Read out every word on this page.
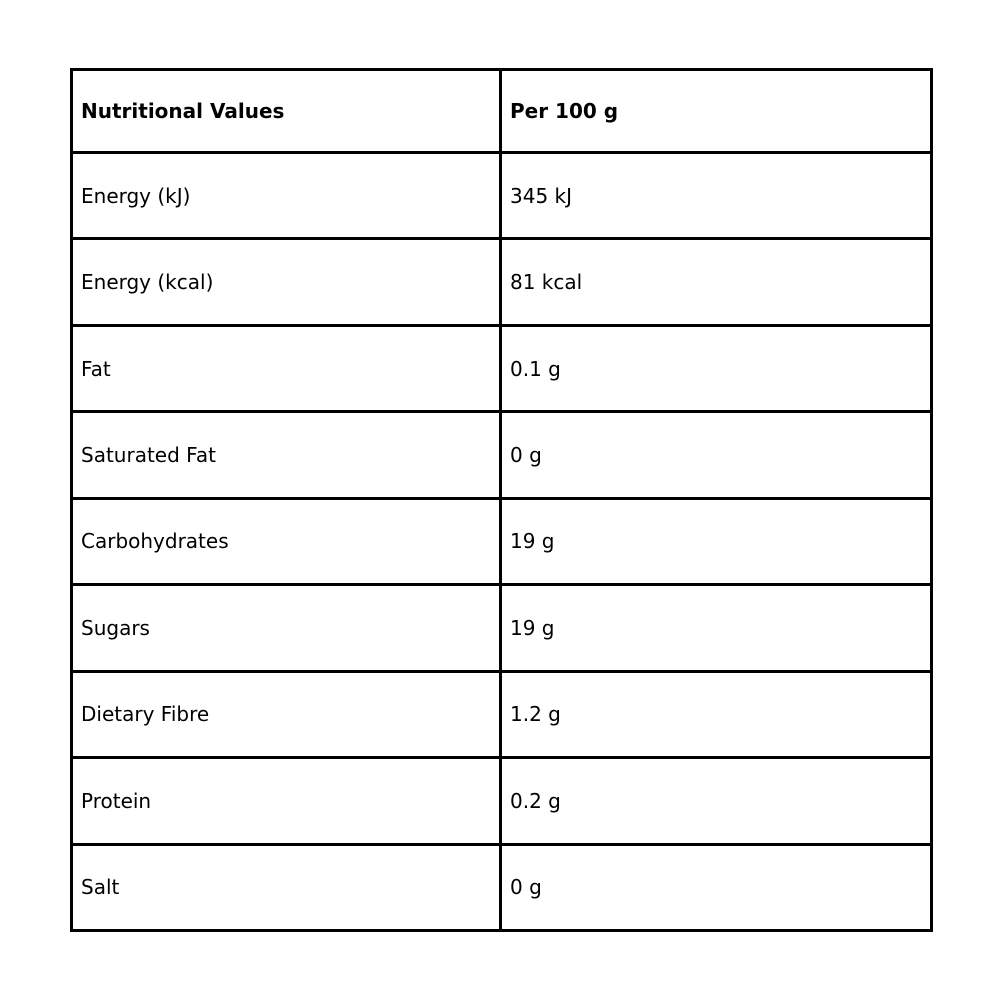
Nutritional Values	Per 100 g
Energy (kJ)	345 kJ
Energy (kcal)	81 kcal
Fat	0.1 g
Saturated Fat	0 g
Carbohydrates	19 g
Sugars	19 g
Dietary Fibre	1.2 g
Protein	0.2 g
Salt	0 g
